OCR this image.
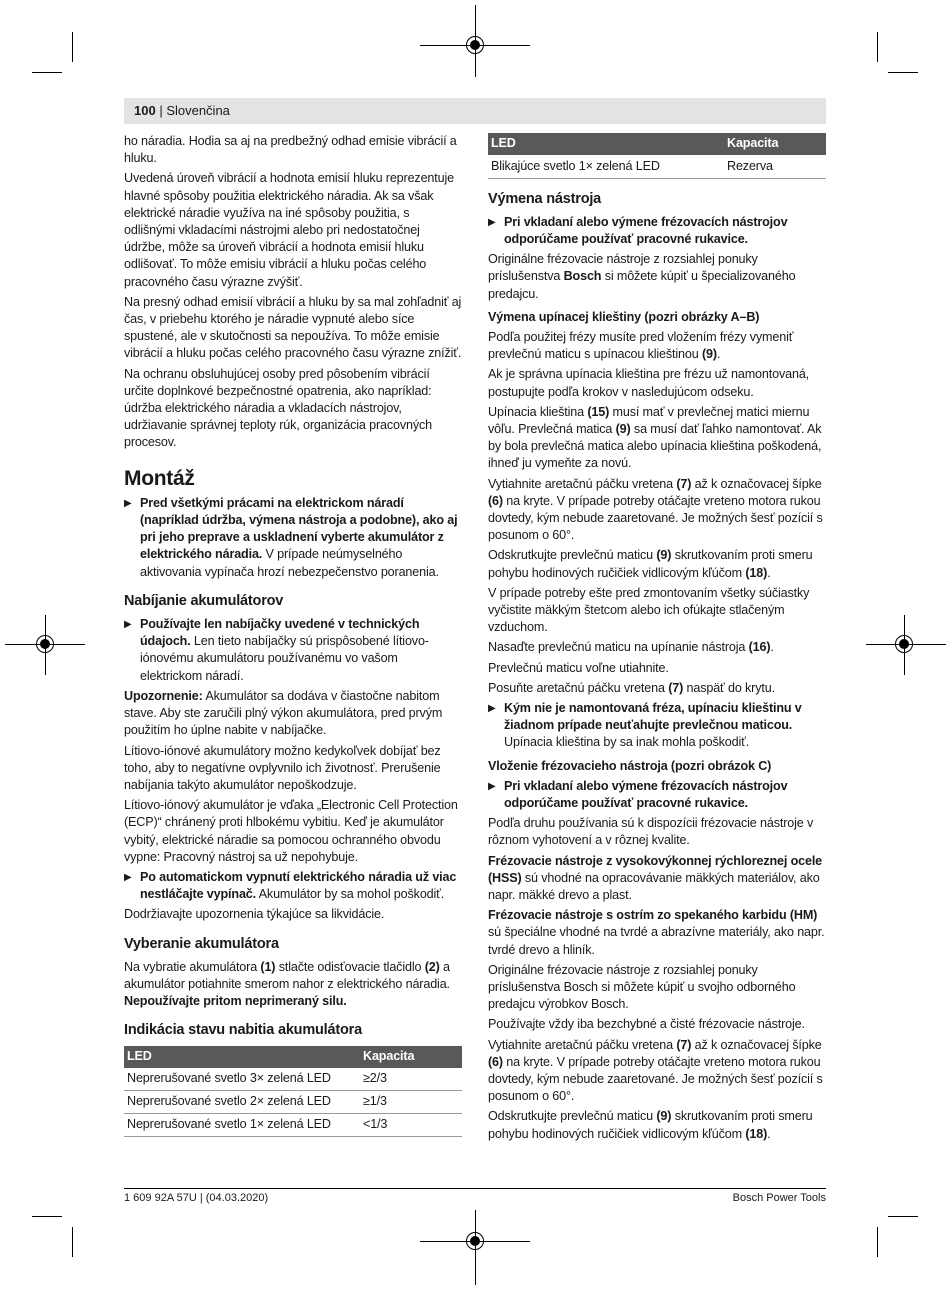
100 | Slovenčina

ho náradia. Hodia sa aj na predbežný odhad emisie vibrácií a hluku.

Uvedená úroveň vibrácií a hodnota emisií hluku reprezentuje hlavné spôsoby použitia elektrického náradia. Ak sa však elektrické náradie využíva na iné spôsoby použitia, s odlišnými vkladacími nástrojmi alebo pri nedostatočnej údržbe, môže sa úroveň vibrácií a hodnota emisií hluku odlišovať. To môže emisiu vibrácií a hluku počas celého pracovného času výrazne zvýšiť.

Na presný odhad emisií vibrácií a hluku by sa mal zohľadniť aj čas, v priebehu ktorého je náradie vypnuté alebo síce spustené, ale v skutočnosti sa nepoužíva. To môže emisie vibrácií a hluku počas celého pracovného času výrazne znížiť.

Na ochranu obsluhujúcej osoby pred pôsobením vibrácií určite doplnkové bezpečnostné opatrenia, ako napríklad: údržba elektrického náradia a vkladacích nástrojov, udržiavanie správnej teploty rúk, organizácia pracovných procesov.

Montáž
▶ Pred všetkými prácami na elektrickom náradí (napríklad údržba, výmena nástroja a podobne), ako aj pri jeho preprave a uskladnení vyberte akumulátor z elektrického náradia. V prípade neúmyselného aktivovania vypínača hrozí nebezpečenstvo poranenia.
Nabíjanie akumulátorov
▶ Používajte len nabíjačky uvedené v technických údajoch. Len tieto nabíjačky sú prispôsobené lítiovo-iónovému akumulátoru používanému vo vašom elektrickom náradí.

Upozornenie: Akumulátor sa dodáva v čiastočne nabitom stave. Aby ste zaručili plný výkon akumulátora, pred prvým použitím ho úplne nabite v nabíjačke.

Lítiovo-iónové akumulátory možno kedykoľvek dobíjať bez toho, aby to negatívne ovplyvnilo ich životnosť. Prerušenie nabíjania takýto akumulátor nepoškodzuje.

Lítiovo-iónový akumulátor je vďaka „Electronic Cell Protection (ECP)“ chránený proti hlbokému vybitiu. Keď je akumulátor vybitý, elektrické náradie sa pomocou ochranného obvodu vypne: Pracovný nástroj sa už nepohybuje.

▶ Po automatickom vypnutí elektrického náradia už viac nestláčajte vypínač. Akumulátor by sa mohol poškodiť.

Dodržiavajte upozornenia týkajúce sa likvidácie.

Vyberanie akumulátora

Na vybratie akumulátora (1) stlačte odisťovacie tlačidlo (2) a akumulátor potiahnite smerom nahor z elektrického náradia. Nepoužívajte pritom neprimeraný silu.

Indikácia stavu nabitia akumulátora
LED	Kapacita
Neprerušované svetlo 3× zelená LED	≥2/3
Neprerušované svetlo 2× zelená LED	≥1/3
Neprerušované svetlo 1× zelená LED	<1/3
LED	Kapacita
Blikajúce svetlo 1× zelená LED	Rezerva
Výmena nástroja
▶ Pri vkladaní alebo výmene frézovacích nástrojov odporúčame používať pracovné rukavice.

Originálne frézovacie nástroje z rozsiahlej ponuky príslušenstva Bosch si môžete kúpiť u špecializovaného predajcu.

Výmena upínacej klieštiny (pozri obrázky A–B)

Podľa použitej frézy musíte pred vložením frézy vymeniť prevlečnú maticu s upínacou klieštinou (9).

Ak je správna upínacia klieština pre frézu už namontovaná, postupujte podľa krokov v nasledujúcom odseku.

Upínacia klieština (15) musí mať v prevlečnej matici miernu vôľu. Prevlečná matica (9) sa musí dať ľahko namontovať. Ak by bola prevlečná matica alebo upínacia klieština poškodená, ihneď ju vymeňte za novú.

Vytiahnite aretačnú páčku vretena (7) až k označovacej šípke (6) na kryte. V prípade potreby otáčajte vreteno motora rukou dovtedy, kým nebude zaaretované. Je možných šesť pozícií s posunom o 60°.

Odskrutkujte prevlečnú maticu (9) skrutkovaním proti smeru pohybu hodinových ručičiek vidlicovým kľúčom (18).

V prípade potreby ešte pred zmontovaním všetky súčiastky vyčistite mäkkým štetcom alebo ich ofúkajte stlačeným vzduchom.

Nasaďte prevlečnú maticu na upínanie nástroja (16).

Prevlečnú maticu voľne utiahnite.

Posuňte aretačnú páčku vretena (7) naspäť do krytu.

▶ Kým nie je namontovaná fréza, upínaciu klieštinu v žiadnom prípade neuťahujte prevlečnou maticou. Upínacia klieština by sa inak mohla poškodiť.
Vloženie frézovacieho nástroja (pozri obrázok C)
▶ Pri vkladaní alebo výmene frézovacích nástrojov odporúčame používať pracovné rukavice.

Podľa druhu používania sú k dispozícii frézovacie nástroje v rôznom vyhotovení a v rôznej kvalite.

Frézovacie nástroje z vysokovýkonnej rýchloreznej ocele (HSS) sú vhodné na opracovávanie mäkkých materiálov, ako napr. mäkké drevo a plast.

Frézovacie nástroje s ostrím zo spekaného karbidu (HM) sú špeciálne vhodné na tvrdé a abrazívne materiály, ako napr. tvrdé drevo a hliník.

Originálne frézovacie nástroje z rozsiahlej ponuky príslušenstva Bosch si môžete kúpiť u svojho odborného predajcu výrobkov Bosch.

Používajte vždy iba bezchybné a čisté frézovacie nástroje.

Vytiahnite aretačnú páčku vretena (7) až k označovacej šípke (6) na kryte. V prípade potreby otáčajte vreteno motora rukou dovtedy, kým nebude zaaretované. Je možných šesť pozícií s posunom o 60°.

Odskrutkujte prevlečnú maticu (9) skrutkovaním proti smeru pohybu hodinových ručičiek vidlicovým kľúčom (18).

1 609 92A 57U | (04.03.2020)	Bosch Power Tools
